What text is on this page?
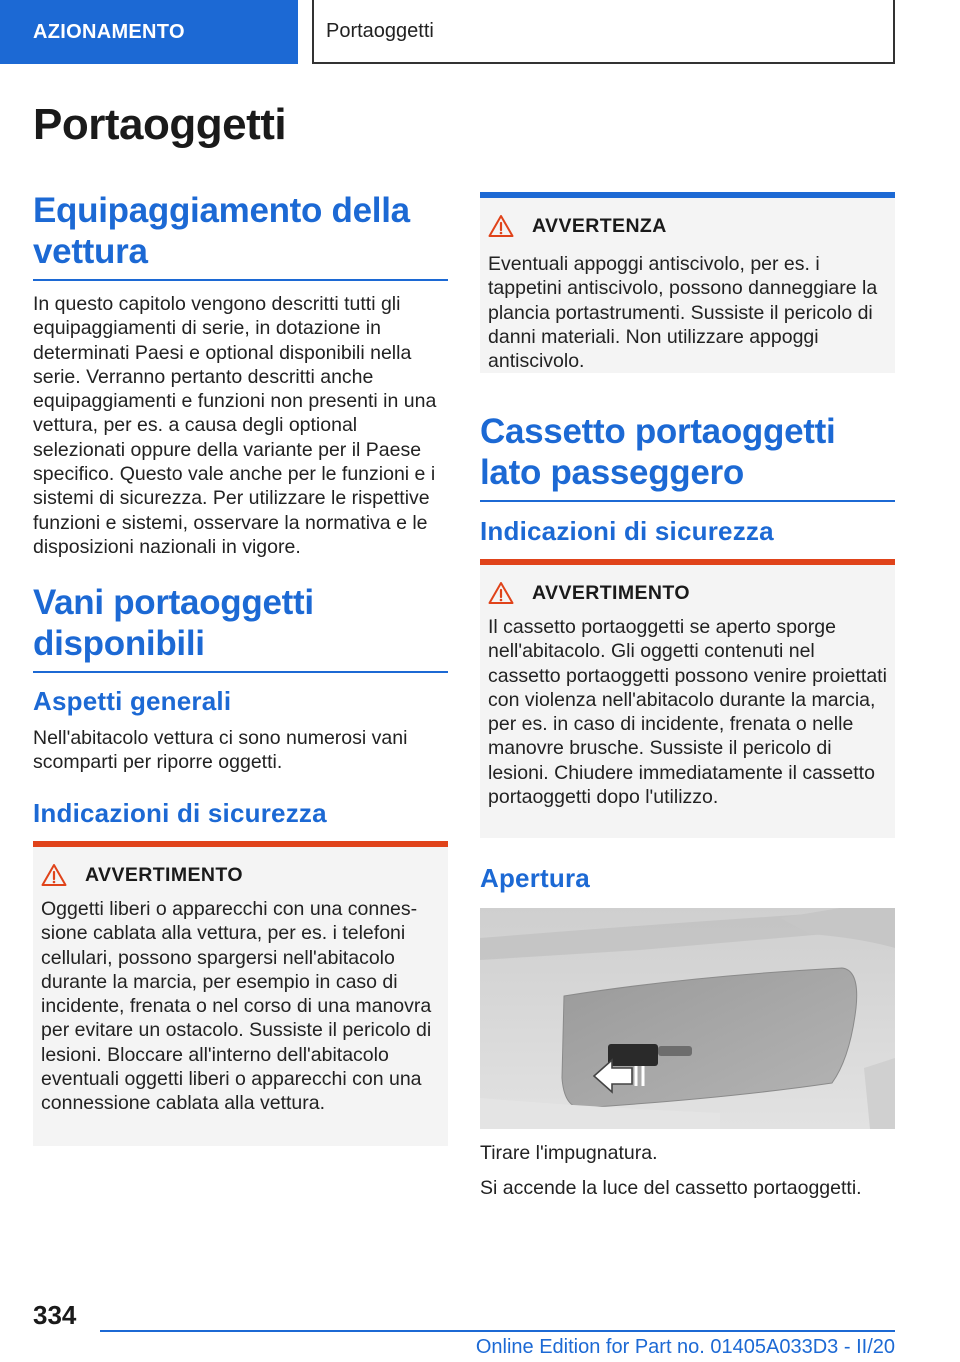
AZIONAMENTO	Portaoggetti
Portaoggetti
Equipaggiamento della vettura

In questo capitolo vengono descritti tutti gli equipaggiamenti di serie, in dotazione in determinati Paesi e optional disponibili nella serie. Verranno pertanto descritti anche equipaggiamenti e funzioni non presenti in una vettura, per es. a causa degli optional selezionati oppure della variante per il Paese specifico. Questo vale anche per le funzioni e i sistemi di sicurezza. Per utilizzare le rispettive funzioni e sistemi, osservare la normativa e le disposizioni nazionali in vigore.

Vani portaoggetti disponibili
Aspetti generali

Nell'abitacolo vettura ci sono numerosi vani scomparti per riporre oggetti.

Indicazioni di sicurezza
AVVERTIMENTO

Oggetti liberi o apparecchi con una connessione cablata alla vettura, per es. i telefoni cellulari, possono spargersi nell'abitacolo durante la marcia, per esempio in caso di incidente, frenata o nel corso di una manovra per evitare un ostacolo. Sussiste il pericolo di lesioni. Bloccare all'interno dell'abitacolo eventuali oggetti liberi o apparecchi con una connessione cablata alla vettura.

AVVERTENZA

Eventuali appoggi antiscivolo, per es. i tappetini antiscivolo, possono danneggiare la plancia portastrumenti. Sussiste il pericolo di danni materiali. Non utilizzare appoggi antiscivolo.

Cassetto portaoggetti lato passeggero
Indicazioni di sicurezza
AVVERTIMENTO

Il cassetto portaoggetti se aperto sporge nell'abitacolo. Gli oggetti contenuti nel cassetto portaoggetti possono venire proiettati con violenza nell'abitacolo durante la marcia, per es. in caso di incidente, frenata o nelle manovre brusche. Sussiste il pericolo di lesioni. Chiudere immediatamente il cassetto portaoggetti dopo l'utilizzo.

Apertura

Tirare l'impugnatura.

Si accende la luce del cassetto portaoggetti.

334
Online Edition for Part no. 01405A033D3 - II/20
